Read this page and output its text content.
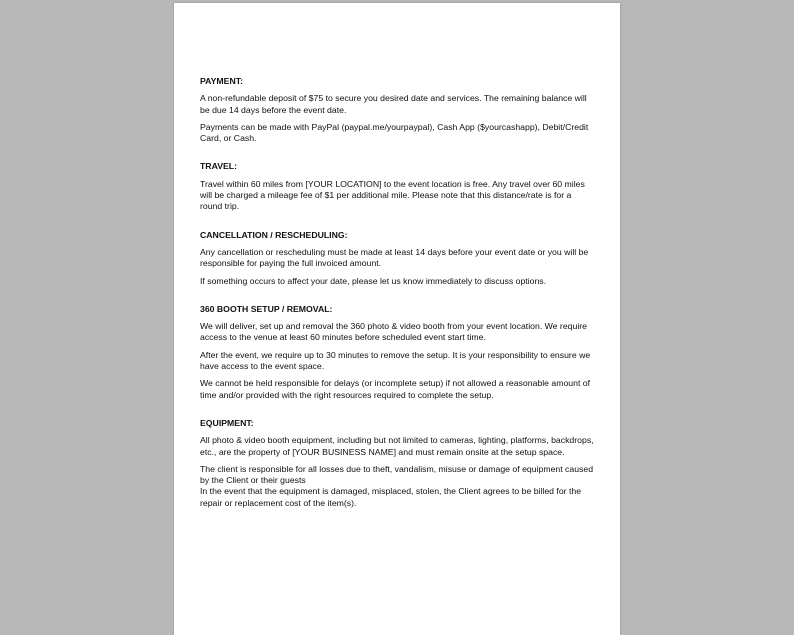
PAYMENT:
A non-refundable deposit of $75 to secure you desired date and services. The remaining balance will be due 14 days before the event date.
Payments can be made with PayPal (paypal.me/yourpaypal), Cash App ($yourcashapp), Debit/Credit Card, or Cash.
TRAVEL:
Travel within 60 miles from [YOUR LOCATION] to the event location is free. Any travel over 60 miles will be charged a mileage fee of $1 per additional mile. Please note that this distance/rate is for a round trip.
CANCELLATION / RESCHEDULING:
Any cancellation or rescheduling must be made at least 14 days before your event date or you will be responsible for paying the full invoiced amount.
If something occurs to affect your date, please let us know immediately to discuss options.
360 BOOTH SETUP / REMOVAL:
We will deliver, set up and removal the 360 photo & video booth from your event location. We require access to the venue at least 60 minutes before scheduled event start time.
After the event, we require up to 30 minutes to remove the setup. It is your responsibility to ensure we have access to the event space.
We cannot be held responsible for delays (or incomplete setup) if not allowed a reasonable amount of time and/or provided with the right resources required to complete the setup.
EQUIPMENT:
All photo & video booth equipment, including but not limited to cameras, lighting, platforms, backdrops, etc., are the property of [YOUR BUSINESS NAME] and must remain onsite at the setup space.
The client is responsible for all losses due to theft, vandalism, misuse or damage of equipment caused by the Client or their guests
In the event that the equipment is damaged, misplaced, stolen, the Client agrees to be billed for the repair or replacement cost of the item(s).
